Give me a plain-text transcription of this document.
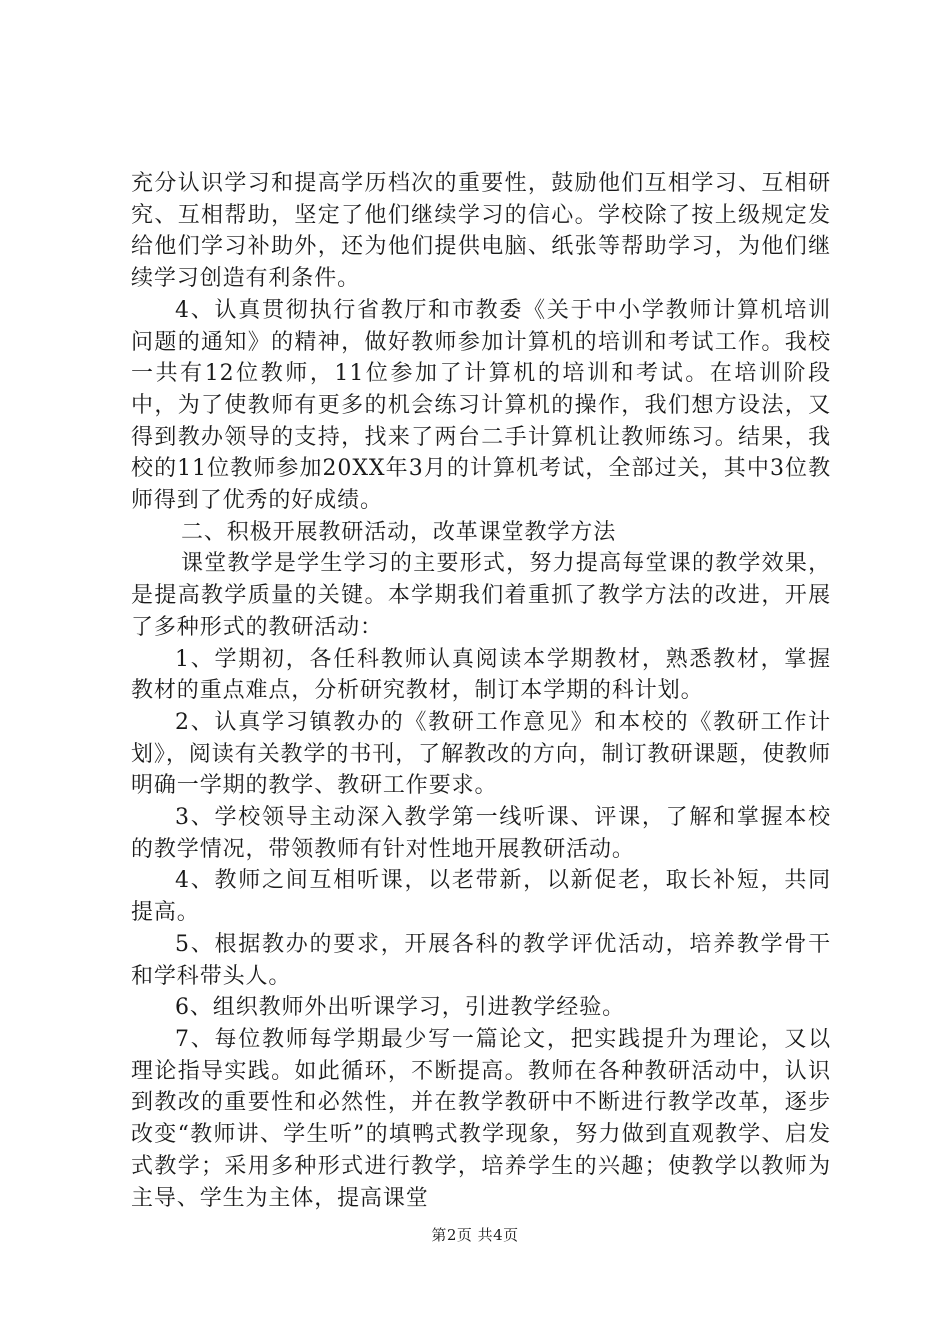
充分认识学习和提高学历档次的重要性，鼓励他们互相学习、互相研究、互相帮助，坚定了他们继续学习的信心。学校除了按上级规定发给他们学习补助外，还为他们提供电脑、纸张等帮助学习，为他们继续学习创造有利条件。

4、认真贯彻执行省教厅和市教委《关于中小学教师计算机培训问题的通知》的精神，做好教师参加计算机的培训和考试工作。我校一共有12位教师，11位参加了计算机的培训和考试。在培训阶段中，为了使教师有更多的机会练习计算机的操作，我们想方设法，又得到教办领导的支持，找来了两台二手计算机让教师练习。结果，我校的11位教师参加20XX年3月的计算机考试，全部过关，其中3位教师得到了优秀的好成绩。

二、积极开展教研活动，改革课堂教学方法

课堂教学是学生学习的主要形式，努力提高每堂课的教学效果，是提高教学质量的关键。本学期我们着重抓了教学方法的改进，开展了多种形式的教研活动：

1、学期初，各任科教师认真阅读本学期教材，熟悉教材，掌握教材的重点难点，分析研究教材，制订本学期的科计划。

2、认真学习镇教办的《教研工作意见》和本校的《教研工作计划》，阅读有关教学的书刊，了解教改的方向，制订教研课题，使教师明确一学期的教学、教研工作要求。

3、学校领导主动深入教学第一线听课、评课，了解和掌握本校的教学情况，带领教师有针对性地开展教研活动。

4、教师之间互相听课，以老带新，以新促老，取长补短，共同提高。

5、根据教办的要求，开展各科的教学评优活动，培养教学骨干和学科带头人。

6、组织教师外出听课学习，引进教学经验。

7、每位教师每学期最少写一篇论文，把实践提升为理论，又以理论指导实践。如此循环，不断提高。教师在各种教研活动中，认识到教改的重要性和必然性，并在教学教研中不断进行教学改革，逐步改变“教师讲、学生听”的填鸭式教学现象，努力做到直观教学、启发式教学；采用多种形式进行教学，培养学生的兴趣；使教学以教师为主导、学生为主体，提高课堂

第2页 共4页
